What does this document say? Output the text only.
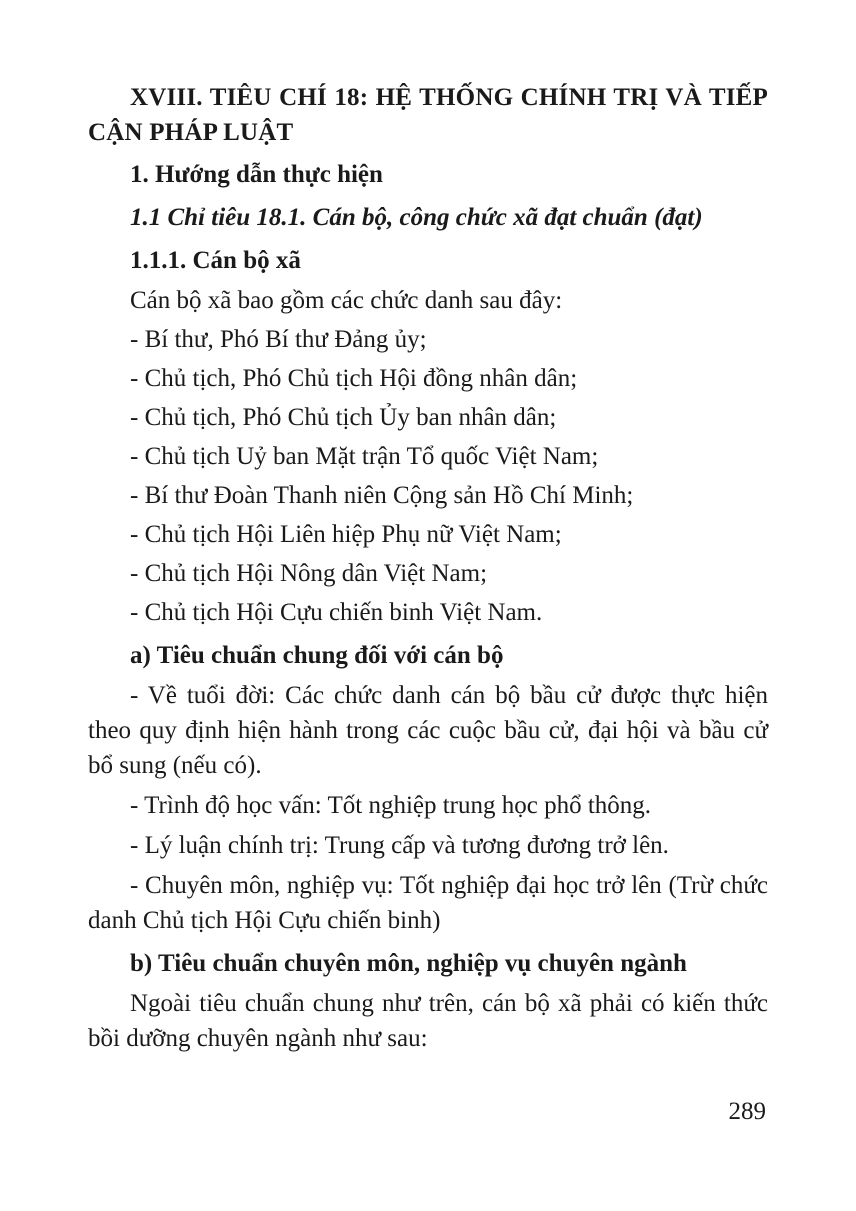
XVIII. TIÊU CHÍ 18: HỆ THỐNG CHÍNH TRỊ VÀ TIẾP CẬN PHÁP LUẬT

1. Hướng dẫn thực hiện

1.1 Chỉ tiêu 18.1. Cán bộ, công chức xã đạt chuẩn (đạt)

1.1.1. Cán bộ xã

Cán bộ xã bao gồm các chức danh sau đây:

- Bí thư, Phó Bí thư Đảng ủy;

- Chủ tịch, Phó Chủ tịch Hội đồng nhân dân;

- Chủ tịch, Phó Chủ tịch Ủy ban nhân dân;

- Chủ tịch Uỷ ban Mặt trận Tổ quốc Việt Nam;

- Bí thư Đoàn Thanh niên Cộng sản Hồ Chí Minh;

- Chủ tịch Hội Liên hiệp Phụ nữ Việt Nam;

- Chủ tịch Hội Nông dân Việt Nam;

- Chủ tịch Hội Cựu chiến binh Việt Nam.

a) Tiêu chuẩn chung đối với cán bộ

- Về tuổi đời: Các chức danh cán bộ bầu cử được thực hiện theo quy định hiện hành trong các cuộc bầu cử, đại hội và bầu cử bổ sung (nếu có).

- Trình độ học vấn: Tốt nghiệp trung học phổ thông.

- Lý luận chính trị: Trung cấp và tương đương trở lên.

- Chuyên môn, nghiệp vụ: Tốt nghiệp đại học trở lên (Trừ chức danh Chủ tịch Hội Cựu chiến binh)

b) Tiêu chuẩn chuyên môn, nghiệp vụ chuyên ngành

Ngoài tiêu chuẩn chung như trên, cán bộ xã phải có kiến thức bồi dưỡng chuyên ngành như sau:

289
